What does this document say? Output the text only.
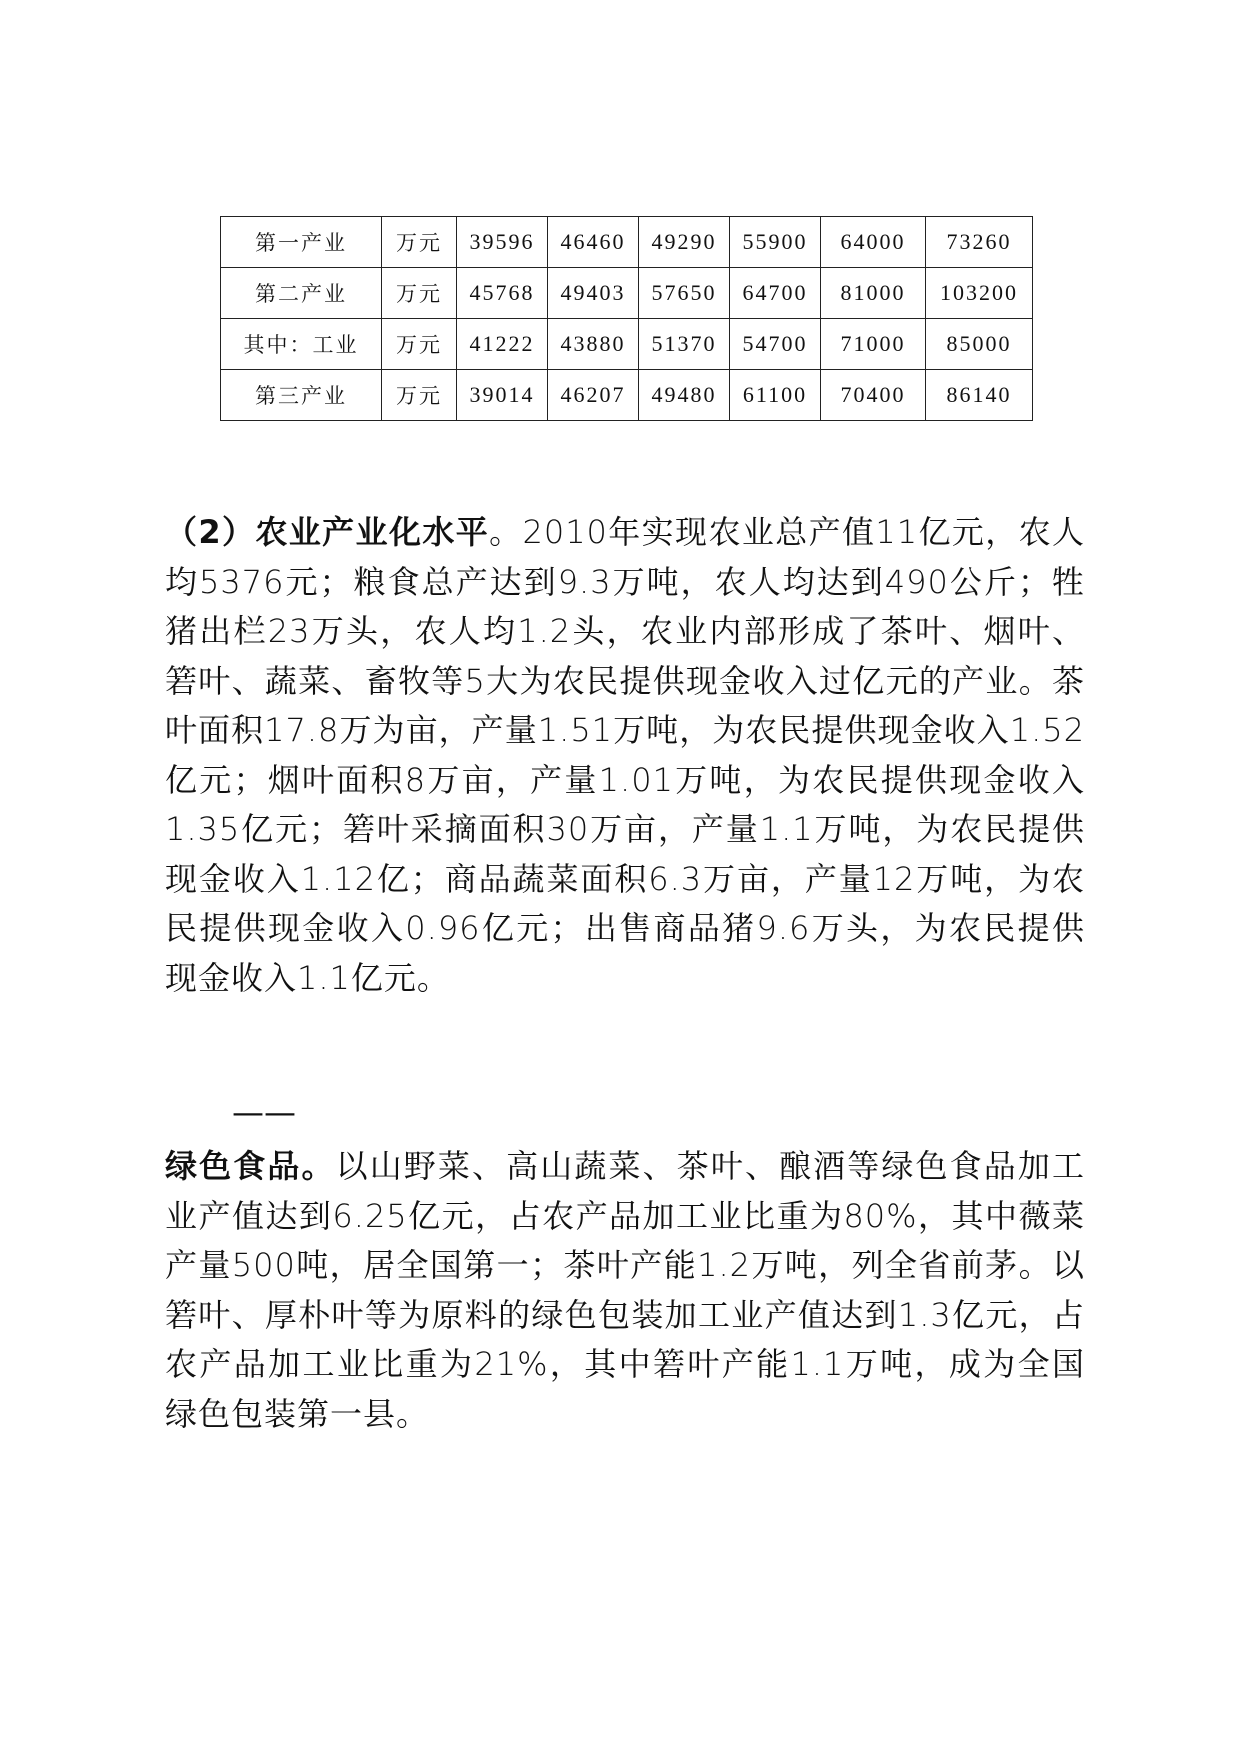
第一产业	万元	39596	46460	49290	55900	64000	73260
第二产业	万元	45768	49403	57650	64700	81000	103200
其中：工业	万元	41222	43880	51370	54700	71000	85000
第三产业	万元	39014	46207	49480	61100	70400	86140

（2）农业产业化水平。2010年实现农业总产值11亿元，农人均5376元；粮食总产达到9.3万吨，农人均达到490公斤；牲猪出栏23万头，农人均1.2头，农业内部形成了茶叶、烟叶、箬叶、蔬菜、畜牧等5大为农民提供现金收入过亿元的产业。茶叶面积17.8万为亩，产量1.51万吨，为农民提供现金收入1.52亿元；烟叶面积8万亩，产量1.01万吨，为农民提供现金收入1.35亿元；箬叶采摘面积30万亩，产量1.1万吨，为农民提供现金收入1.12亿；商品蔬菜面积6.3万亩，产量12万吨，为农民提供现金收入0.96亿元；出售商品猪9.6万头，为农民提供现金收入1.1亿元。

——

绿色食品。以山野菜、高山蔬菜、茶叶、酿酒等绿色食品加工业产值达到6.25亿元，占农产品加工业比重为80%，其中薇菜产量500吨，居全国第一；茶叶产能1.2万吨，列全省前茅。以箬叶、厚朴叶等为原料的绿色包装加工业产值达到1.3亿元，占农产品加工业比重为21%，其中箬叶产能1.1万吨，成为全国绿色包装第一县。
